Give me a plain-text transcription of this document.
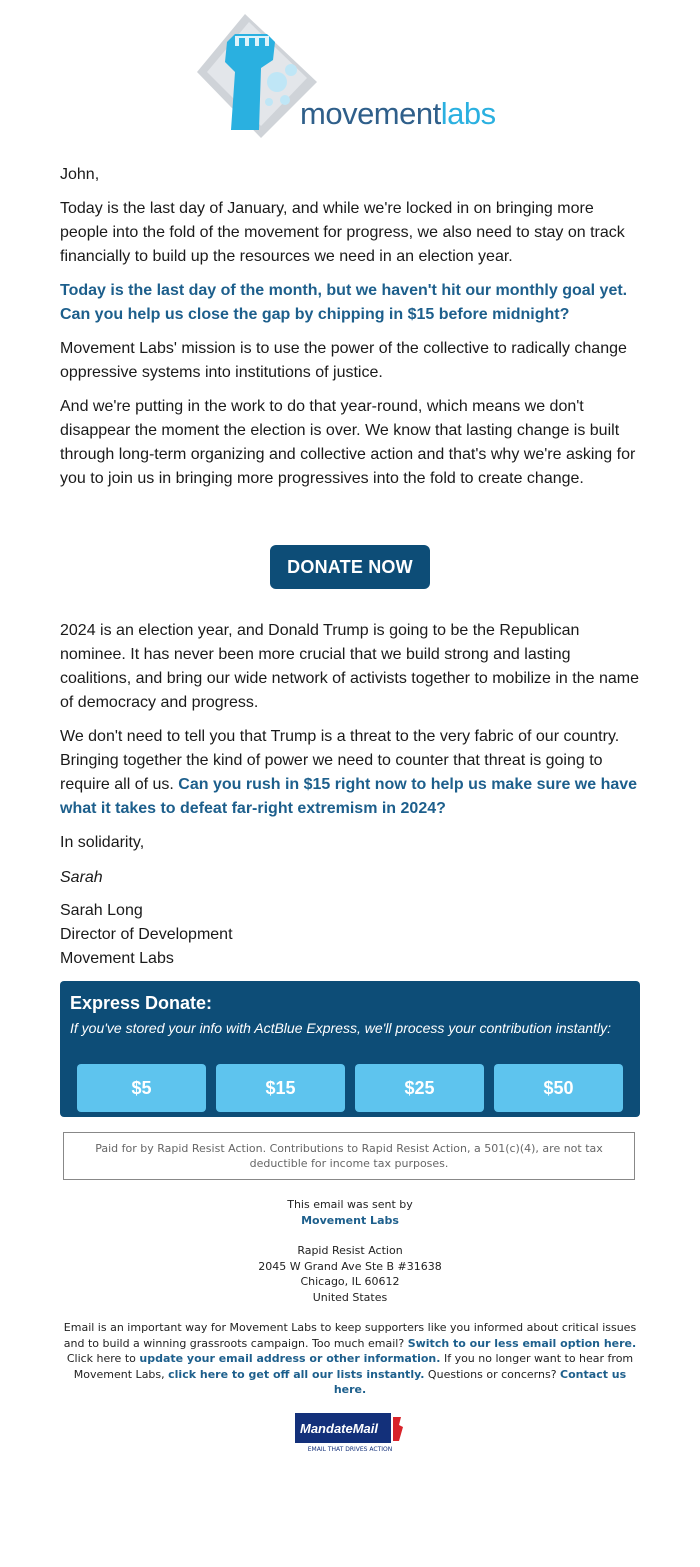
movementlabs

John,

Today is the last day of January, and while we're locked in on bringing more people into the fold of the movement for progress, we also need to stay on track financially to build up the resources we need in an election year.

Today is the last day of the month, but we haven't hit our monthly goal yet. Can you help us close the gap by chipping in $15 before midnight?

Movement Labs' mission is to use the power of the collective to radically change oppressive systems into institutions of justice.

And we're putting in the work to do that year-round, which means we don't disappear the moment the election is over. We know that lasting change is built through long-term organizing and collective action and that's why we're asking for you to join us in bringing more progressives into the fold to create change.

DONATE NOW

2024 is an election year, and Donald Trump is going to be the Republican nominee. It has never been more crucial that we build strong and lasting coalitions, and bring our wide network of activists together to mobilize in the name of democracy and progress.

We don't need to tell you that Trump is a threat to the very fabric of our country. Bringing together the kind of power we need to counter that threat is going to require all of us. Can you rush in $15 right now to help us make sure we have what it takes to defeat far-right extremism in 2024?

In solidarity,

Sarah

Sarah Long

Director of Development

Movement Labs

Express Donate:
If you've stored your info with ActBlue Express, we'll process your contribution instantly:
$5	$15	$25	$50
Paid for by Rapid Resist Action. Contributions to Rapid Resist Action, a 501(c)(4), are not tax deductible for income tax purposes.
This email was sent by
Movement Labs
Rapid Resist Action
2045 W Grand Ave Ste B #31638
Chicago, IL 60612
United States
Email is an important way for Movement Labs to keep supporters like you informed about critical issues and to build a winning grassroots campaign. Too much email? Switch to our less email option here. Click here to update your email address or other information. If you no longer want to hear from Movement Labs, click here to get off all our lists instantly. Questions or concerns? Contact us here.
MandateMail
EMAIL THAT DRIVES ACTION
